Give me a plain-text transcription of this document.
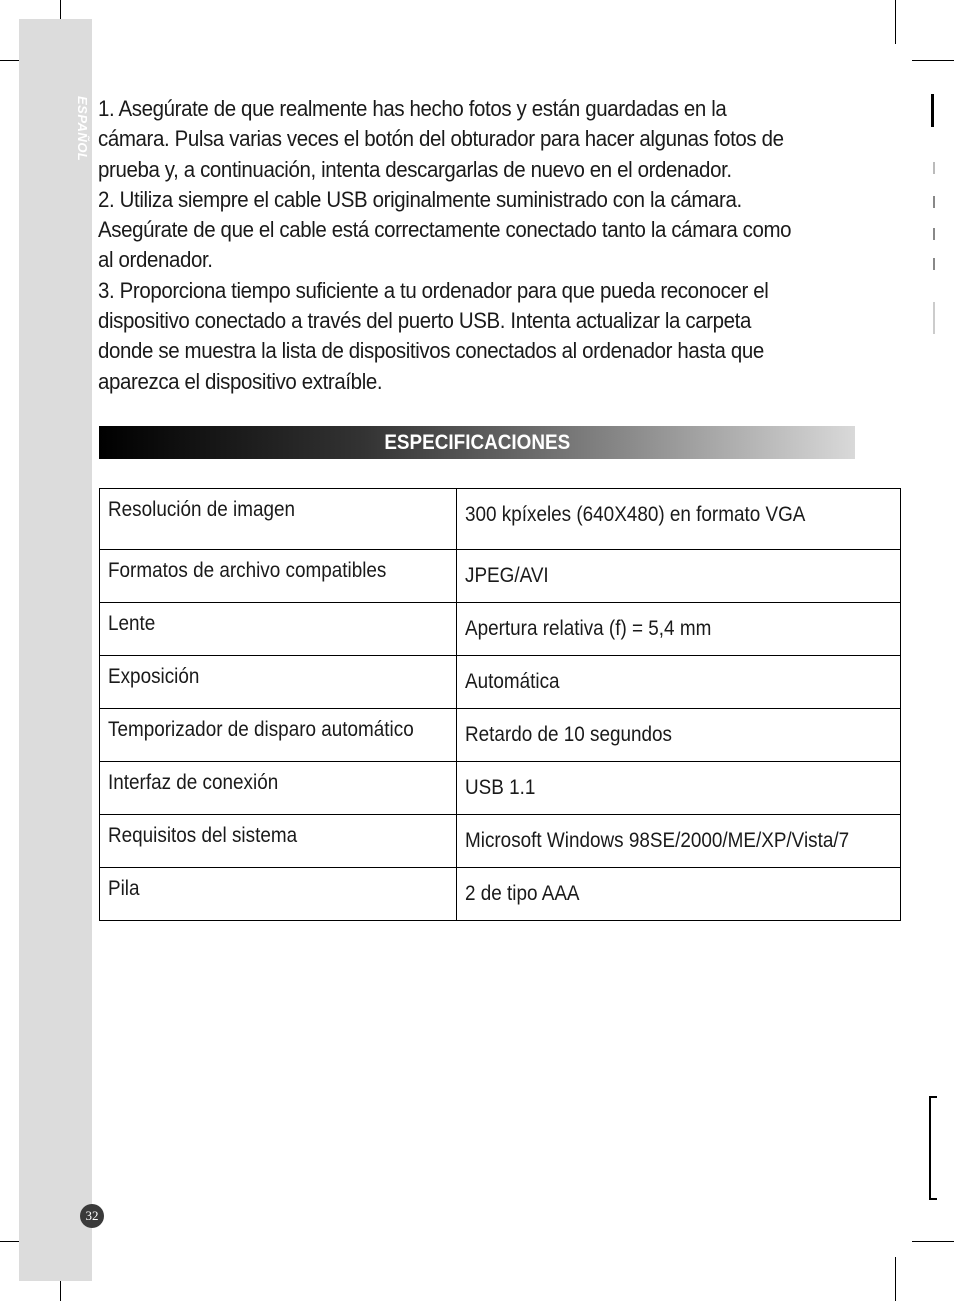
ESPAÑOL
32

1. Asegúrate de que realmente has hecho fotos y están guardadas en la cámara. Pulsa varias veces el botón del obturador para hacer algunas fotos de prueba y, a continuación, intenta descargarlas de nuevo en el ordenador.

2. Utiliza siempre el cable USB originalmente suministrado con la cámara. Asegúrate de que el cable está correctamente conectado tanto la cámara como al ordenador.

3. Proporciona tiempo suficiente a tu ordenador para que pueda reconocer el dispositivo conectado a través del puerto USB. Intenta actualizar la carpeta donde se muestra la lista de dispositivos conectados al ordenador hasta que aparezca el dispositivo extraíble.

ESPECIFICACIONES
Resolución de imagen	300 kpíxeles (640X480) en formato VGA
Formatos de archivo compatibles	JPEG/AVI
Lente	Apertura relativa (f) = 5,4 mm
Exposición	Automática
Temporizador de disparo automático	Retardo de 10 segundos
Interfaz de conexión	USB 1.1
Requisitos del sistema	Microsoft Windows 98SE/2000/ME/XP/Vista/7
Pila	2 de tipo AAA
